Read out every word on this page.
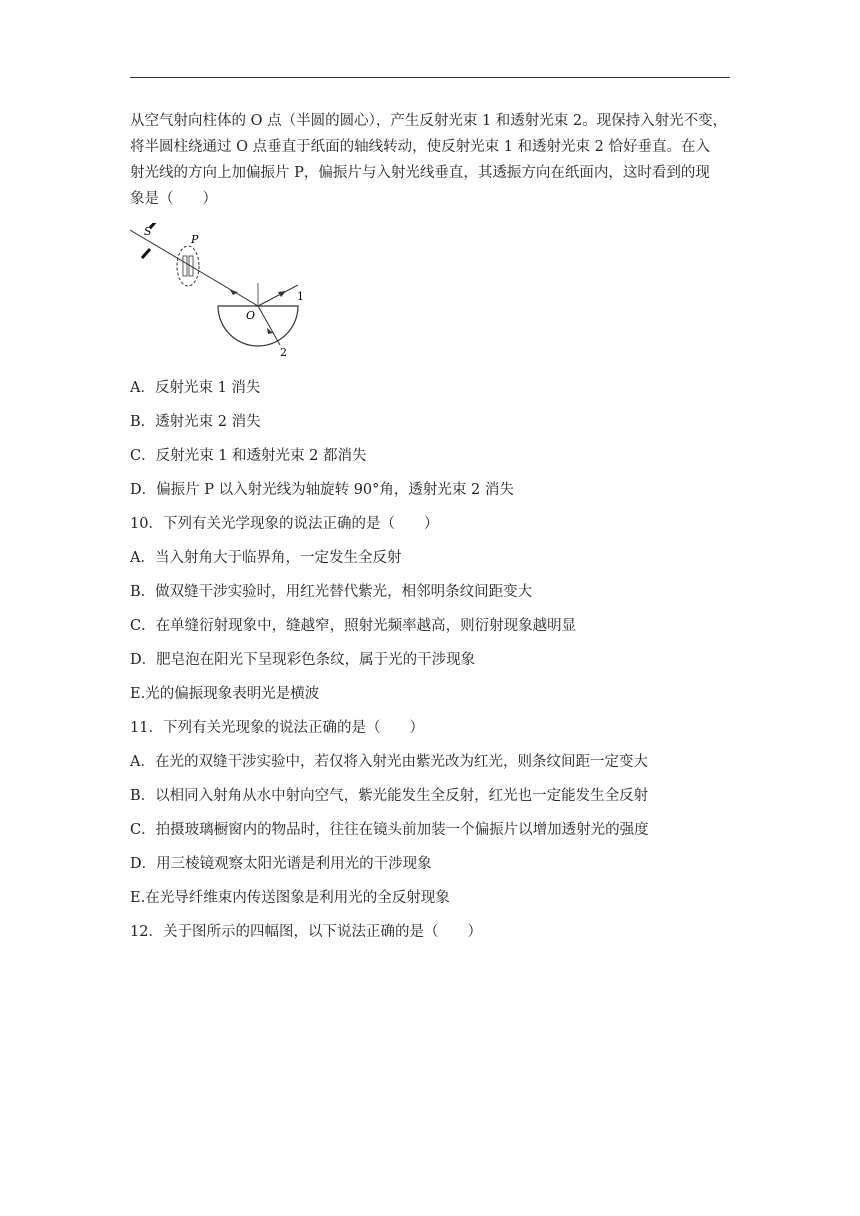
从空气射向柱体的 O 点（半圆的圆心），产生反射光束 1 和透射光束 2。现保持入射光不变，
将半圆柱绕通过 O 点垂直于纸面的轴线转动，使反射光束 1 和透射光束 2 恰好垂直。在入
射光线的方向上加偏振片 P，偏振片与入射光线垂直，其透振方向在纸面内，这时看到的现
象是（　　）
S
P
1
2
O
A．反射光束 1 消失
B．透射光束 2 消失
C．反射光束 1 和透射光束 2 都消失
D．偏振片 P 以入射光线为轴旋转 90°角，透射光束 2 消失
10．下列有关光学现象的说法正确的是（　　）
A．当入射角大于临界角，一定发生全反射
B．做双缝干涉实验时，用红光替代紫光，相邻明条纹间距变大
C．在单缝衍射现象中，缝越窄，照射光频率越高，则衍射现象越明显
D．肥皂泡在阳光下呈现彩色条纹，属于光的干涉现象
E.光的偏振现象表明光是横波
11．下列有关光现象的说法正确的是（　　）
A．在光的双缝干涉实验中，若仅将入射光由紫光改为红光，则条纹间距一定变大
B．以相同入射角从水中射向空气，紫光能发生全反射，红光也一定能发生全反射
C．拍摄玻璃橱窗内的物品时，往往在镜头前加装一个偏振片以增加透射光的强度
D．用三棱镜观察太阳光谱是利用光的干涉现象
E.在光导纤维束内传送图象是利用光的全反射现象
12．关于图所示的四幅图，以下说法正确的是（　　）
